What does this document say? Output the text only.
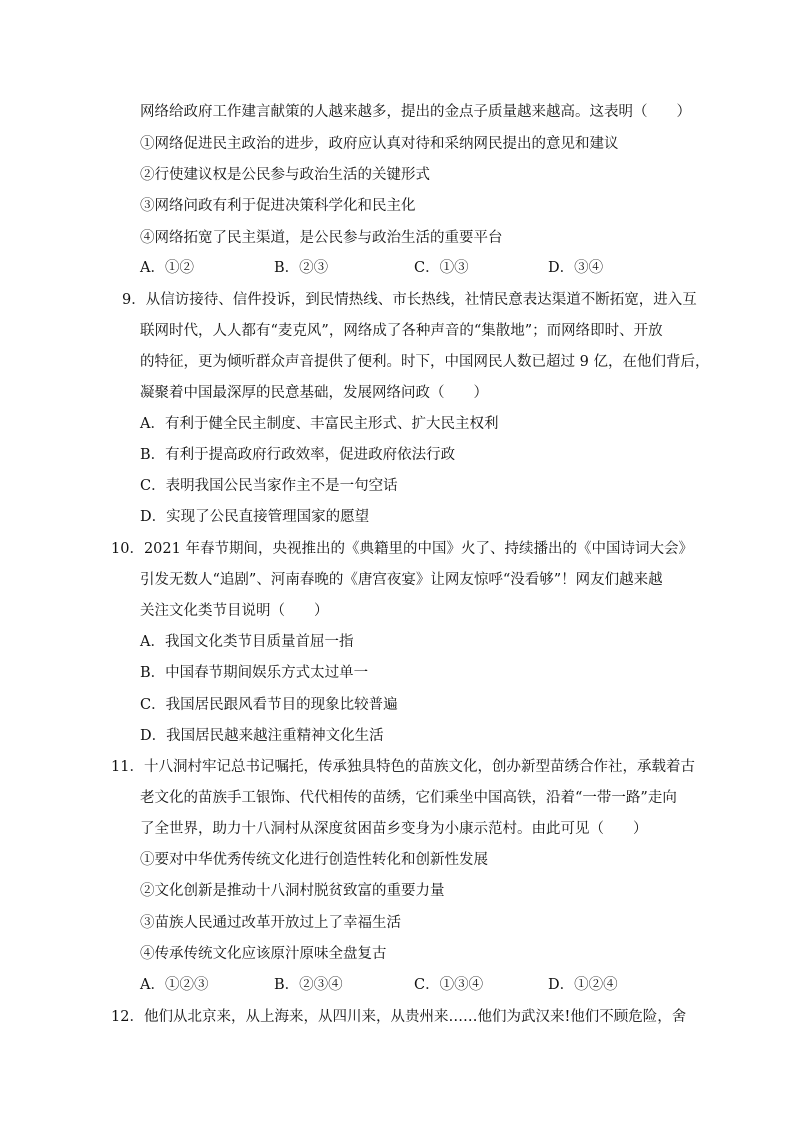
网络给政府工作建言献策的人越来越多，提出的金点子质量越来越高。这表明（　　）
①网络促进民主政治的进步，政府应认真对待和采纳网民提出的意见和建议
②行使建议权是公民参与政治生活的关键形式
③网络问政有利于促进决策科学化和民主化
④网络拓宽了民主渠道，是公民参与政治生活的重要平台
A．①②	B．②③	C．①③	D．③④
9．从信访接待、信件投诉，到民情热线、市长热线，社情民意表达渠道不断拓宽，进入互
联网时代，人人都有“麦克风”，网络成了各种声音的“集散地”；而网络即时、开放
的特征，更为倾听群众声音提供了便利。时下，中国网民人数已超过 9 亿，在他们背后，
凝聚着中国最深厚的民意基础，发展网络问政（　　）
A．有利于健全民主制度、丰富民主形式、扩大民主权利
B．有利于提高政府行政效率，促进政府依法行政
C．表明我国公民当家作主不是一句空话
D．实现了公民直接管理国家的愿望
10．2021 年春节期间，央视推出的《典籍里的中国》火了、持续播出的《中国诗词大会》
引发无数人“追剧”、河南春晚的《唐宫夜宴》让网友惊呼“没看够”！网友们越来越
关注文化类节目说明（　　）
A．我国文化类节目质量首屈一指
B．中国春节期间娱乐方式太过单一
C．我国居民跟风看节目的现象比较普遍
D．我国居民越来越注重精神文化生活
11．十八洞村牢记总书记嘱托，传承独具特色的苗族文化，创办新型苗绣合作社，承载着古
老文化的苗族手工银饰、代代相传的苗绣，它们乘坐中国高铁，沿着“一带一路”走向
了全世界，助力十八洞村从深度贫困苗乡变身为小康示范村。由此可见（　　）
①要对中华优秀传统文化进行创造性转化和创新性发展
②文化创新是推动十八洞村脱贫致富的重要力量
③苗族人民通过改革开放过上了幸福生活
④传承传统文化应该原汁原味全盘复古
A．①②③	B．②③④	C．①③④	D．①②④
12．他们从北京来，从上海来，从四川来，从贵州来……他们为武汉来!他们不顾危险，舍
